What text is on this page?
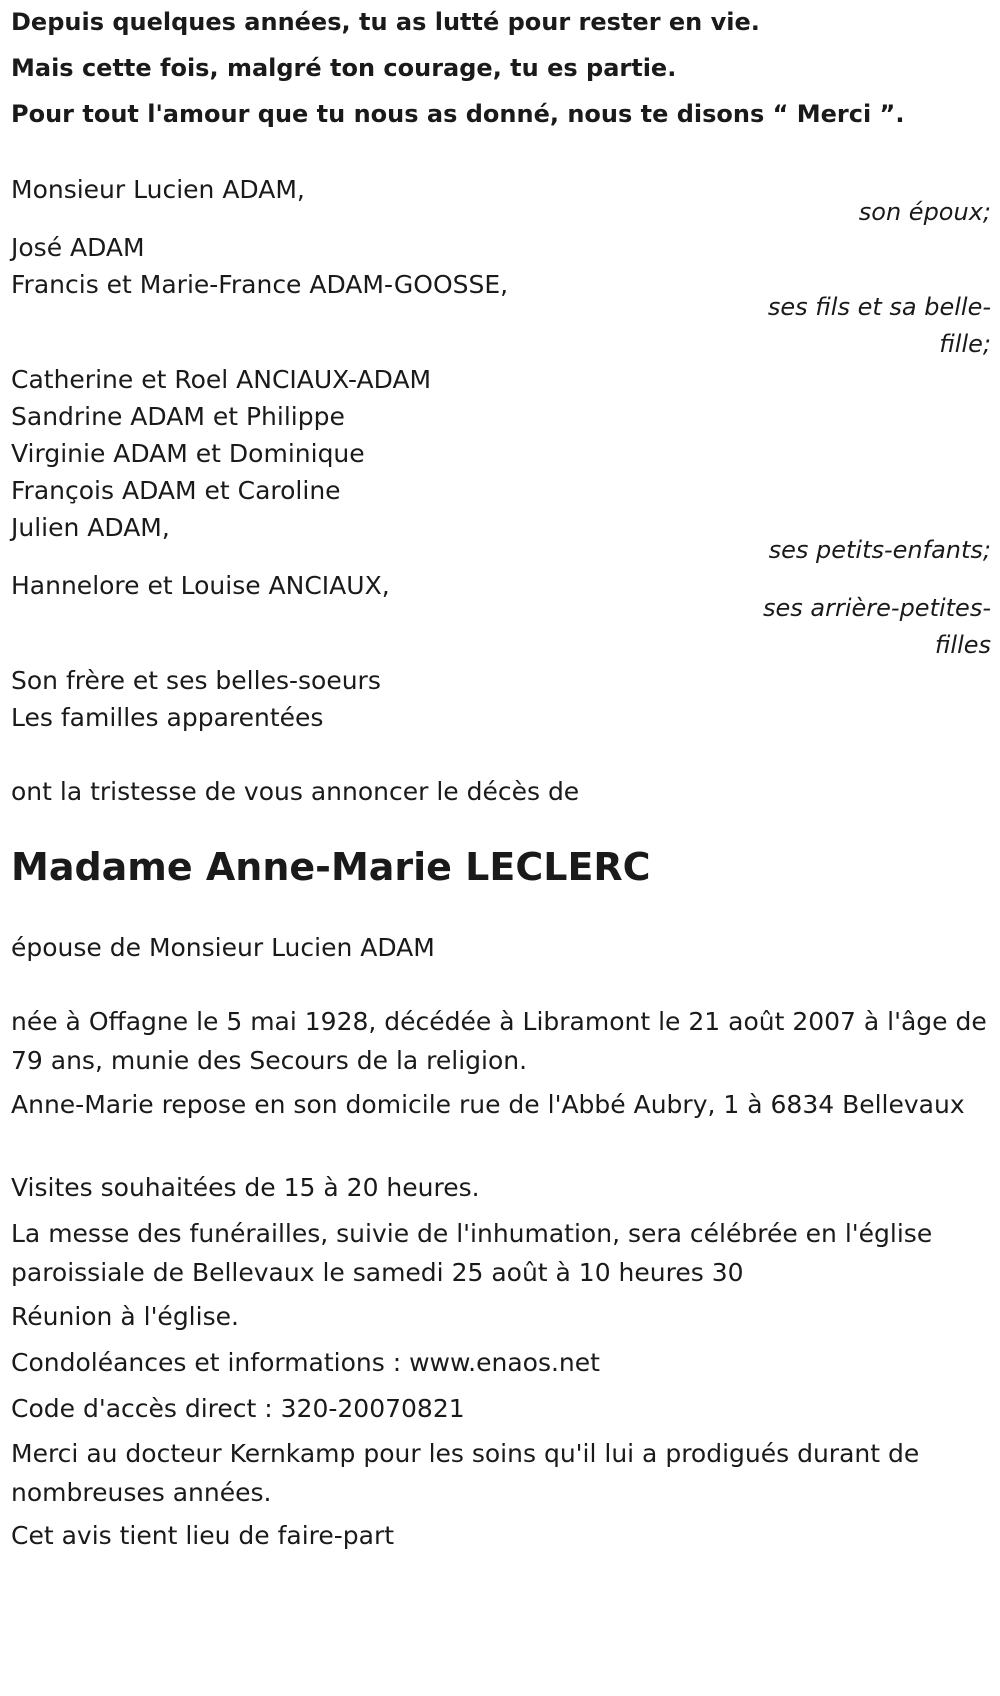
Depuis quelques années, tu as lutté pour rester en vie.

Mais cette fois, malgré ton courage, tu es partie.

Pour tout l'amour que tu nous as donné, nous te disons “ Merci ”.

Monsieur Lucien ADAM,

son époux;

José ADAM

Francis et Marie-France ADAM-GOOSSE,

ses fils et sa belle-
fille;

Catherine et Roel ANCIAUX-ADAM

Sandrine ADAM et Philippe

Virginie ADAM et Dominique

François ADAM et Caroline

Julien ADAM,

ses petits-enfants;

Hannelore et Louise ANCIAUX,

ses arrière-petites-
filles

Son frère et ses belles-soeurs

Les familles apparentées

ont la tristesse de vous annoncer le décès de

Madame Anne-Marie LECLERC

épouse de Monsieur Lucien ADAM

née à Offagne le 5 mai 1928, décédée à Libramont le 21 août 2007 à l'âge de 79 ans, munie des Secours de la religion.

Anne-Marie repose en son domicile rue de l'Abbé Aubry, 1 à 6834 Bellevaux

Visites souhaitées de 15 à 20 heures.

La messe des funérailles, suivie de l'inhumation, sera célébrée en l'église paroissiale de Bellevaux le samedi 25 août à 10 heures 30

Réunion à l'église.

Condoléances et informations : www.enaos.net

Code d'accès direct : 320-20070821

Merci au docteur Kernkamp pour les soins qu'il lui a prodigués durant de nombreuses années.

Cet avis tient lieu de faire-part
